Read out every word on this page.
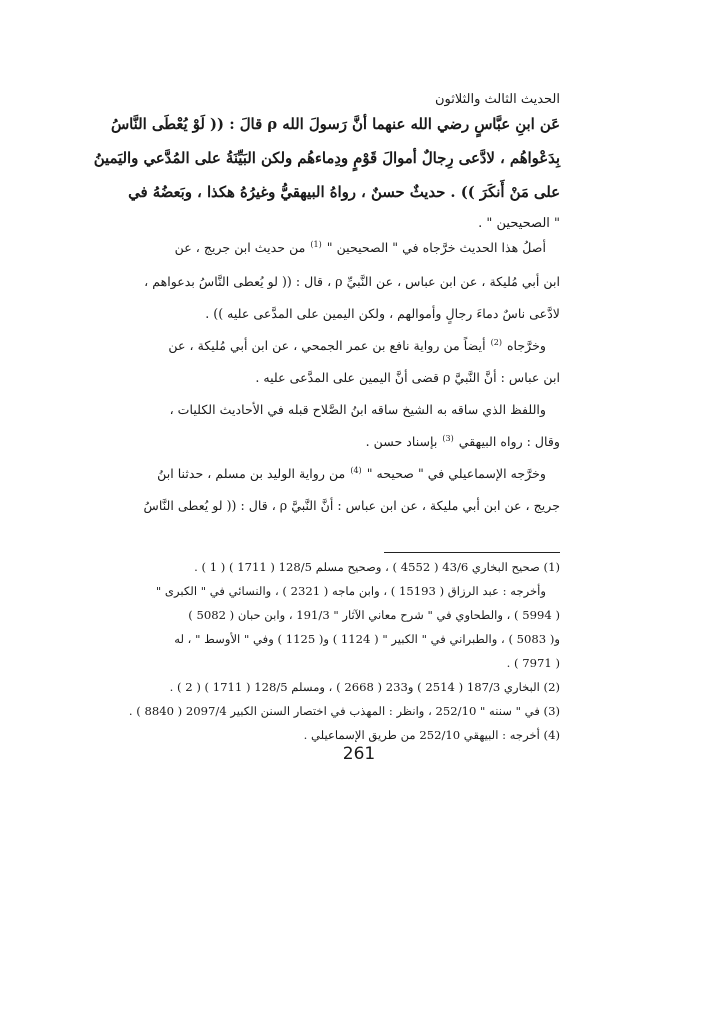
الحديث الثالث والثلاثون
عَن ابنِ عبَّاسٍ رضي الله عنهما أنَّ رَسولَ الله ρ قالَ : (( لَوْ يُعْطَى النَّاسُ
بِدَعْواهُم ، لادَّعى رِجالٌ أموالَ قَوْمٍ ودِماءهُم ولكن البَيِّنَةُ على المُدَّعي واليَمينُ
على مَنْ أَنكَرَ )) . حديثٌ حسنٌ ، رواهُ البيهقيُّ وغيرُهُ هكذا ، وبَعضُهُ في
" الصحيحين " .
أصلُ هذا الحديث خرَّجاه في " الصحيحين " $^{(1)}$ من حديث ابن جريج ، عن
ابن أبي مُليكة ، عن ابن عباس ، عن النَّبيِّ ρ ، قال : (( لو يُعطى النَّاسُ بدعواهم ،
لادَّعى ناسٌ دماءَ رجالٍ وأموالهم ، ولكن اليمين على المدَّعى عليه )) .
وخرَّجاه $^{(2)}$ أيضاً من رواية نافع بن عمر الجمحي ، عن ابن أبي مُليكة ، عن
ابن عباس : أنَّ النَّبيَّ ρ قضى أنَّ اليمين على المدَّعى عليه .
واللفظ الذي ساقه به الشيخ ساقه ابنُ الصَّلاح قبله في الأحاديث الكليات ،
وقال : رواه البيهقي $^{(3)}$ بإسناد حسن .
وخرَّجه الإسماعيلي في " صحيحه " $^{(4)}$ من رواية الوليد بن مسلم ، حدثنا ابنُ
جريج ، عن ابن أبي مليكة ، عن ابن عباس : أنَّ النَّبيَّ ρ ، قال : (( لو يُعطى النَّاسُ
(1) صحيح البخاري 43/6 ( 4552 ) ، وصحيح مسلم 128/5 ( 1711 ) ( 1 ) .
وأخرجه : عبد الرزاق ( 15193 ) ، وابن ماجه ( 2321 ) ، والنسائي في " الكبرى "
( 5994 ) ، والطحاوي في " شرح معاني الآثار " 191/3 ، وابن حبان ( 5082 )
و( 5083 ) ، والطبراني في " الكبير " ( 1124 ) و( 1125 ) وفي " الأوسط " ، له
( 7971 ) .
(2) البخاري 187/3 ( 2514 ) و233 ( 2668 ) ، ومسلم 128/5 ( 1711 ) ( 2 ) .
(3) في " سننه " 252/10 ، وانظر : المهذب في اختصار السنن الكبير 2097/4 ( 8840 ) .
(4) أخرجه : البيهقي 252/10 من طريق الإسماعيلي .
261
